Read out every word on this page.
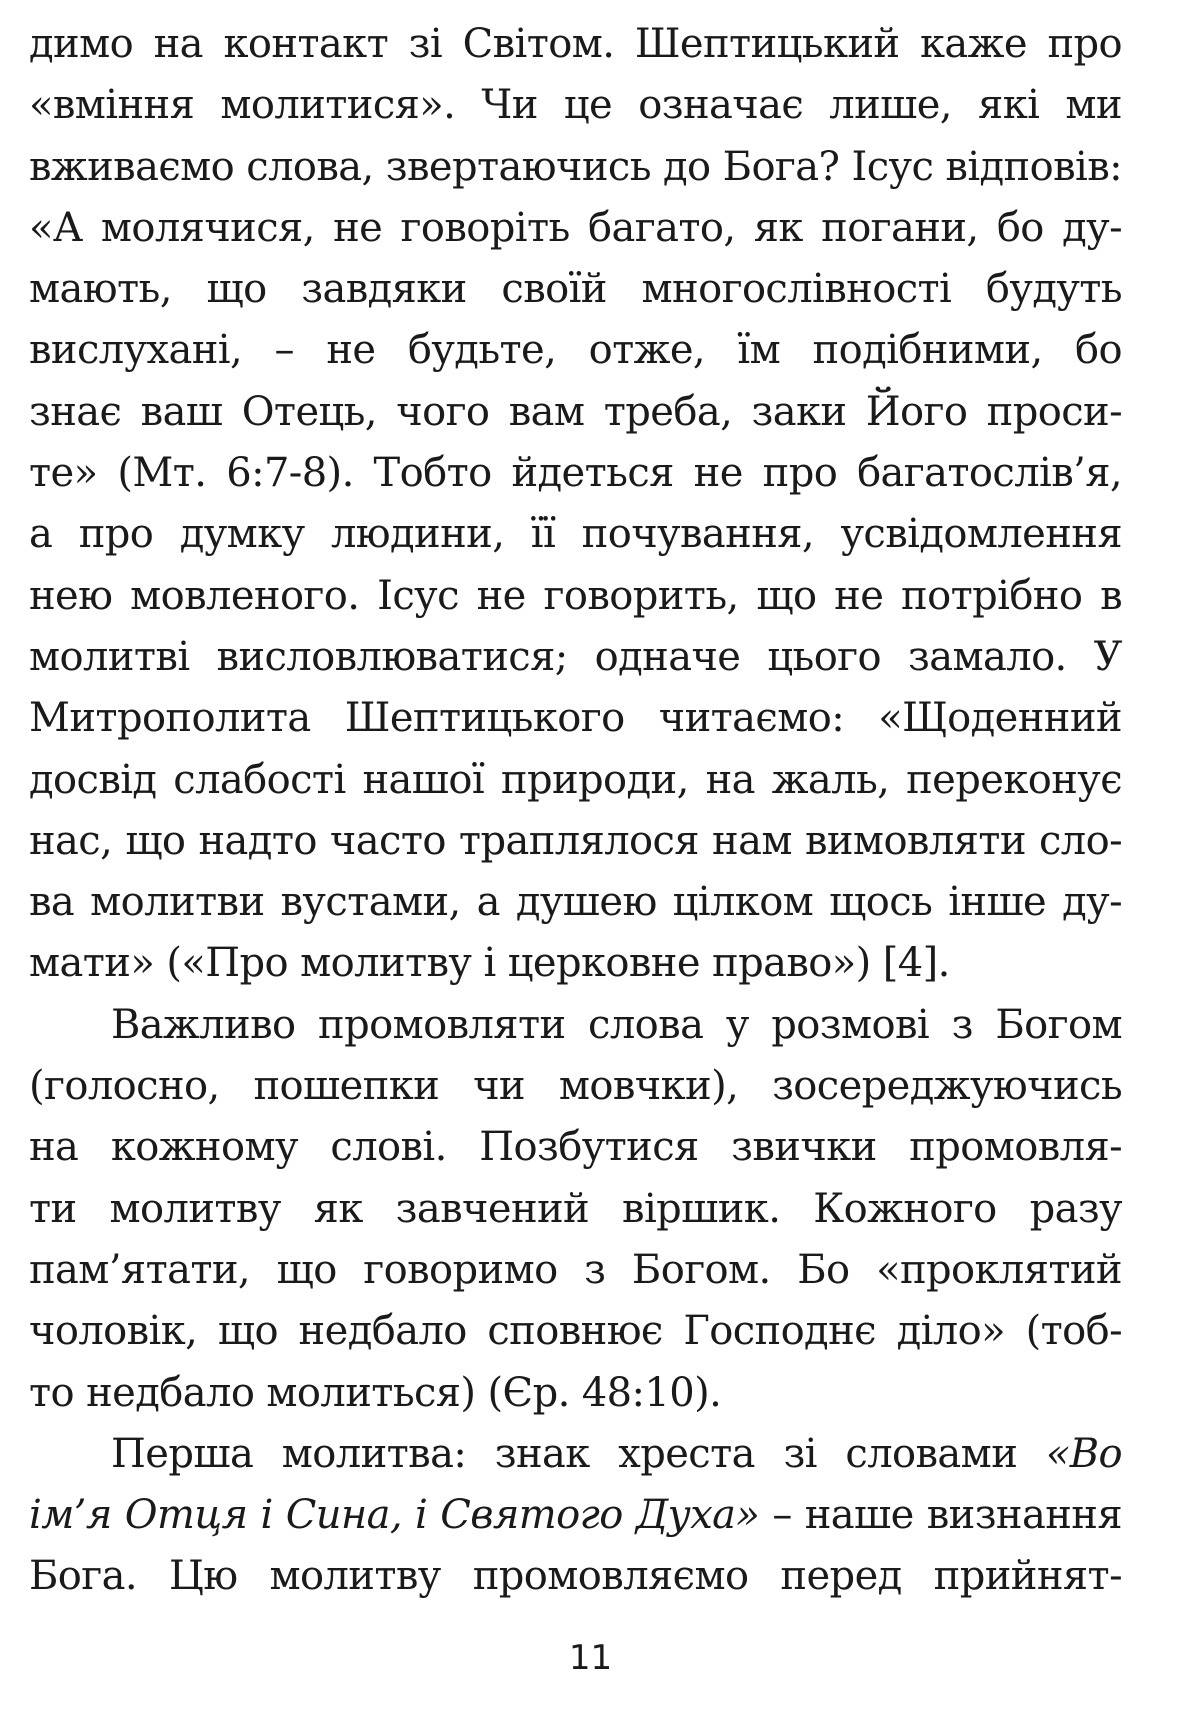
димо на контакт зі Світом. Шептицький каже про
«вміння молитися». Чи це означає лише, які ми
вживаємо слова, звертаючись до Бога? Ісус відповів:
«А молячися, не говоріть багато, як погани, бо ду-
мають, що завдяки своїй многослівності будуть
вислухані, – не будьте, отже, їм подібними, бо
знає ваш Отець, чого вам треба, заки Його проси-
те» (Мт. 6:7-8). Тобто йдеться не про багатослів’я,
а про думку людини, її почування, усвідомлення
нею мовленого. Ісус не говорить, що не потрібно в
молитві висловлюватися; одначе цього замало. У
Митрополита Шептицького читаємо: «Щоденний
досвід слабості нашої природи, на жаль, переконує
нас, що надто часто траплялося нам вимовляти сло-
ва молитви вустами, а душею цілком щось інше ду-
мати» («Про молитву і церковне право») [4].
Важливо промовляти слова у розмові з Богом
(голосно, пошепки чи мовчки), зосереджуючись
на кожному слові. Позбутися звички промовля-
ти молитву як завчений віршик. Кожного разу
пам’ятати, що говоримо з Богом. Бо «проклятий
чоловік, що недбало сповнює Господнє діло» (тоб-
то недбало молиться) (Єр. 48:10).
Перша молитва: знак хреста зі словами «Во
ім’я Отця і Сина, і Святого Духа» – наше визнання
Бога. Цю молитву промовляємо перед прийнят-
11
